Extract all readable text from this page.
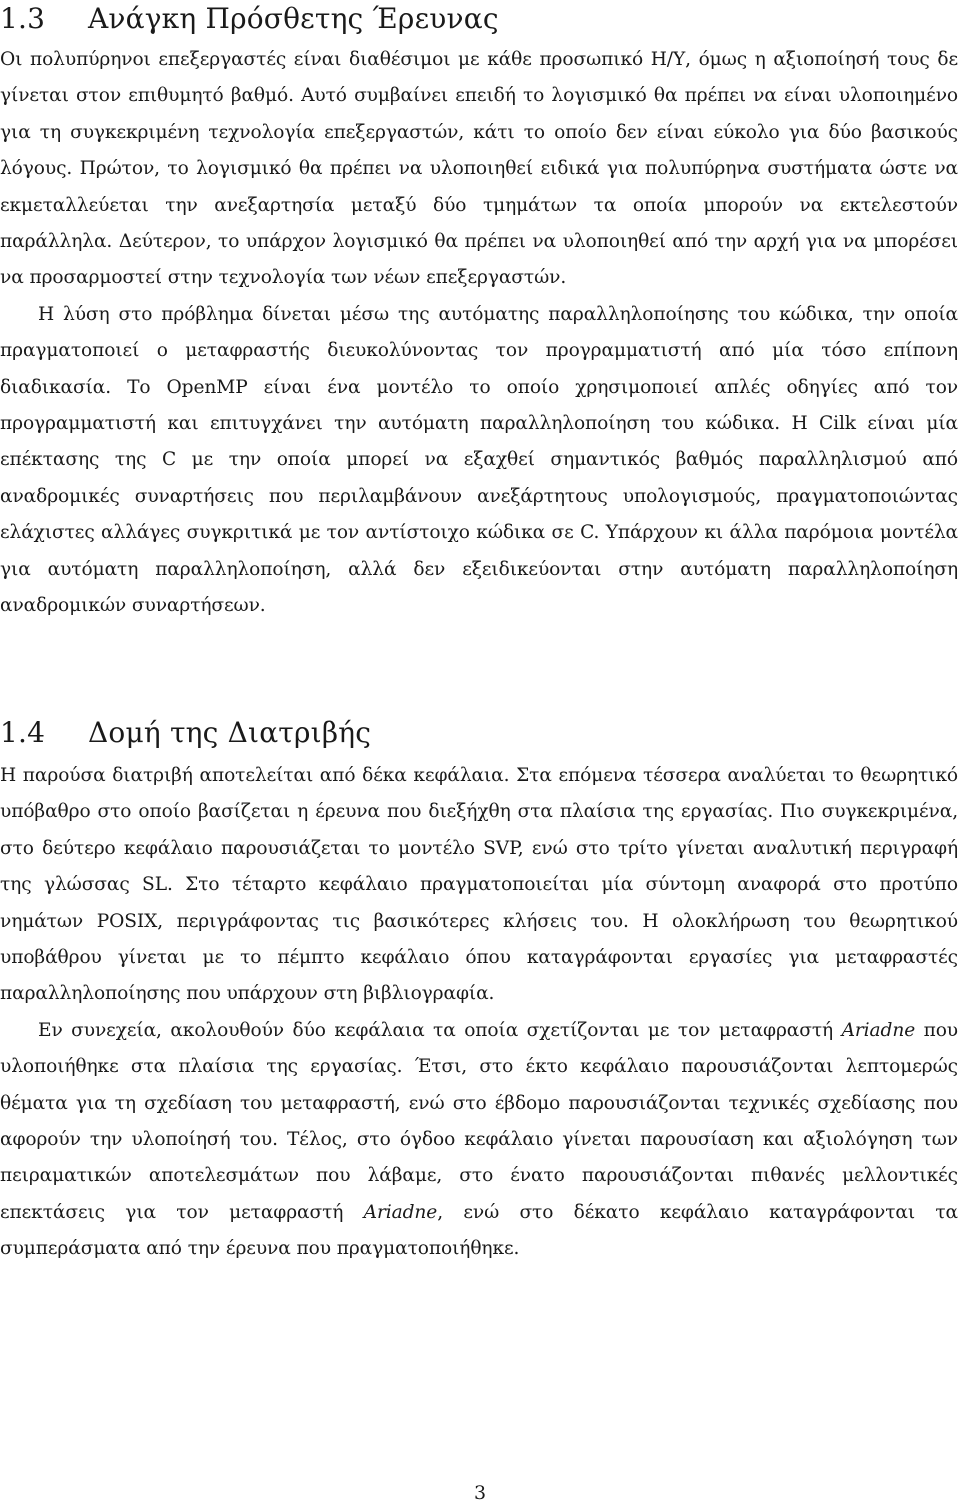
1.3 Ανάγκη Πρόσθετης Έρευνας

Οι πολυπύρηνοι επεξεργαστές είναι διαθέσιμοι με κάθε προσωπικό Η/Υ, όμως η αξιοποίησή τους δε γίνεται στον επιθυμητό βαθμό. Αυτό συμβαίνει επειδή το λογισμικό θα πρέπει να είναι υλοποιημένο για τη συγκεκριμένη τεχνολογία επεξεργαστών, κάτι το οποίο δεν είναι εύκολο για δύο βασικούς λόγους. Πρώτον, το λογισμικό θα πρέπει να υλοποιηθεί ειδικά για πολυπύρηνα συστήματα ώστε να εκμεταλλεύεται την ανεξαρτησία μεταξύ δύο τμημάτων τα οποία μπορούν να εκτελεστούν παράλληλα. Δεύτερον, το υπάρχον λογισμικό θα πρέπει να υλοποιηθεί από την αρχή για να μπορέσει να προσαρμοστεί στην τεχνολογία των νέων επεξεργαστών.

Η λύση στο πρόβλημα δίνεται μέσω της αυτόματης παραλληλοποίησης του κώδικα, την οποία πραγματοποιεί ο μεταφραστής διευκολύνοντας τον προγραμματιστή από μία τόσο επίπονη διαδικασία. Το OpenMP είναι ένα μοντέλο το οποίο χρησιμοποιεί απλές οδηγίες από τον προγραμματιστή και επιτυγχάνει την αυτόματη παραλληλοποίηση του κώδικα. Η Cilk είναι μία επέκτασης της C με την οποία μπορεί να εξαχθεί σημαντικός βαθμός παραλληλισμού από αναδρομικές συναρτήσεις που περιλαμβάνουν ανεξάρτητους υπολογισμούς, πραγματοποιώντας ελάχιστες αλλάγες συγκριτικά με τον αντίστοιχο κώδικα σε C. Υπάρχουν κι άλλα παρόμοια μοντέλα για αυτόματη παραλληλοποίηση, αλλά δεν εξειδικεύονται στην αυτόματη παραλληλοποίηση αναδρομικών συναρτήσεων.

1.4 Δομή της Διατριβής

Η παρούσα διατριβή αποτελείται από δέκα κεφάλαια. Στα επόμενα τέσσερα αναλύεται το θεωρητικό υπόβαθρο στο οποίο βασίζεται η έρευνα που διεξήχθη στα πλαίσια της εργασίας. Πιο συγκεκριμένα, στο δεύτερο κεφάλαιο παρουσιάζεται το μοντέλο SVP, ενώ στο τρίτο γίνεται αναλυτική περιγραφή της γλώσσας SL. Στο τέταρτο κεφάλαιο πραγματοποιείται μία σύντομη αναφορά στο προτύπο νημάτων POSIX, περιγράφοντας τις βασικότερες κλήσεις του. Η ολοκλήρωση του θεωρητικού υποβάθρου γίνεται με το πέμπτο κεφάλαιο όπου καταγράφονται εργασίες για μεταφραστές παραλληλοποίησης που υπάρχουν στη βιβλιογραφία.

Εν συνεχεία, ακολουθούν δύο κεφάλαια τα οποία σχετίζονται με τον μεταφραστή Ariadne που υλοποιήθηκε στα πλαίσια της εργασίας. Έτσι, στο έκτο κεφάλαιο παρουσιάζονται λεπτομερώς θέματα για τη σχεδίαση του μεταφραστή, ενώ στο έβδομο παρουσιάζονται τεχνικές σχεδίασης που αφορούν την υλοποίησή του. Τέλος, στο όγδοο κεφάλαιο γίνεται παρουσίαση και αξιολόγηση των πειραματικών αποτελεσμάτων που λάβαμε, στο ένατο παρουσιάζονται πιθανές μελλοντικές επεκτάσεις για τον μεταφραστή Ariadne, ενώ στο δέκατο κεφάλαιο καταγράφονται τα συμπεράσματα από την έρευνα που πραγματοποιήθηκε.

3
